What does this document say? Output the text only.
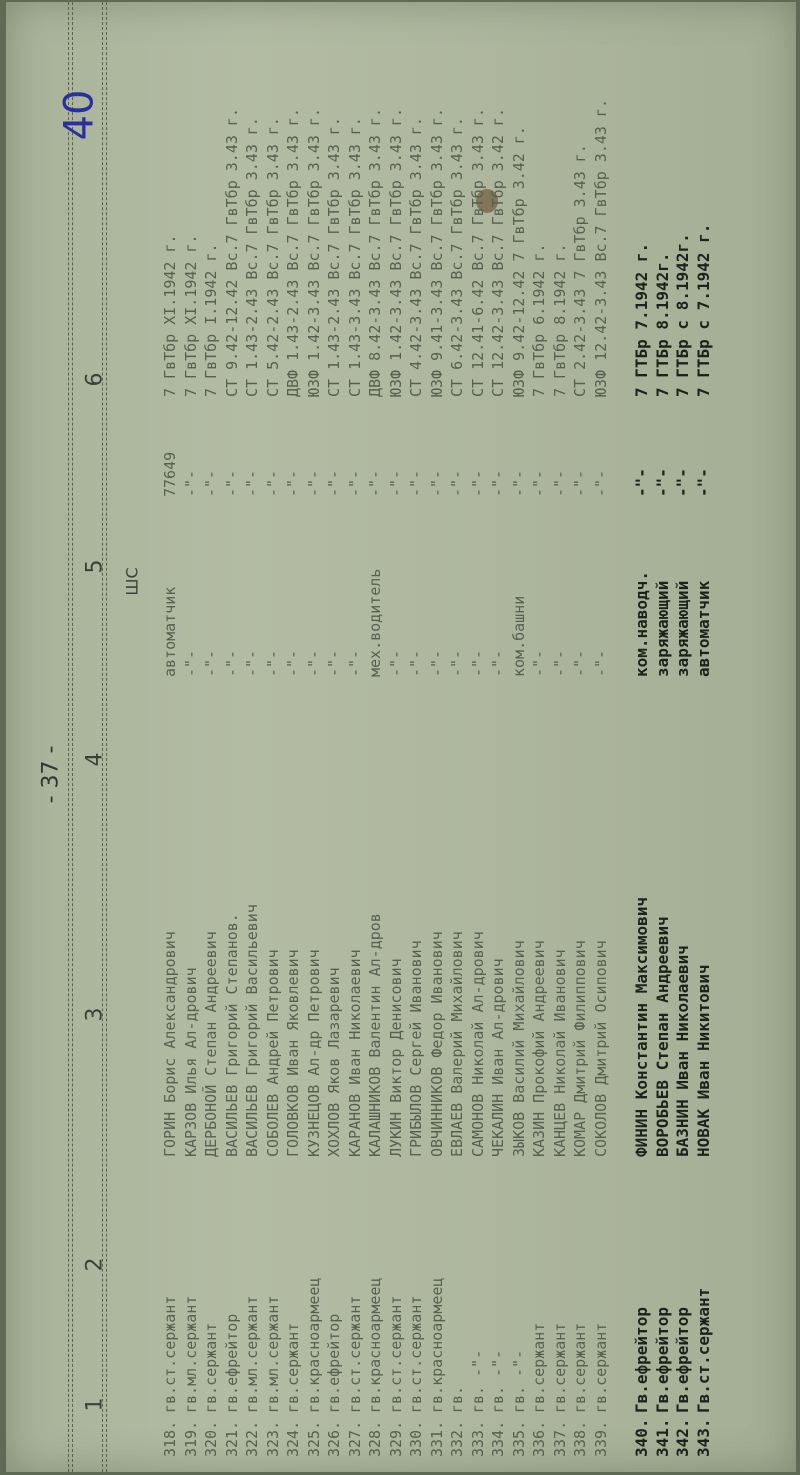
40
- 37 -
2
3
4
5
6
1
ШС
318.
гв.ст.сержант
ГОРИН Борис Александрович
автоматчик
77649
7 ГвТбр XI.1942 г.
319.
гв.мл.сержант
КАРЗОВ Илья Ал-дрович
-"-
-"-
7 ГвТбр XI.1942 г.
320.
гв.сержант
ДЕРБОНОЙ Степан Андреевич
-"-
-"-
7 ГвТбр I.1942 г.
321.
гв.ефрейтор
ВАСИЛЬЕВ Григорий Степанов.
-"-
-"-
СТ 9.42-12.42 Вс.7 ГвТбр 3.43 г.
322.
гв.мл.сержант
ВАСИЛЬЕВ Григорий Васильевич
-"-
-"-
СТ 1.43-2.43 Вс.7 ГвТбр 3.43 г.
323.
гв.мл.сержант
СОБОЛЕВ Андрей Петрович
-"-
-"-
СТ 5.42-2.43 Вс.7 ГвТбр 3.43 г.
324.
гв.сержант
ГОЛОВКОВ Иван Яковлевич
-"-
-"-
ДВФ 1.43-2.43 Вс.7 ГвТбр 3.43 г.
325.
гв.красноармеец
КУЗНЕЦОВ Ал-др Петрович
-"-
-"-
ЮЗФ 1.42-3.43 Вс.7 ГвТбр 3.43 г.
326.
гв.ефрейтор
ХОХЛОВ Яков Лазаревич
-"-
-"-
СТ 1.43-2.43 Вс.7 ГвТбр 3.43 г.
327.
гв.ст.сержант
КАРАНОВ Иван Николаевич
-"-
-"-
СТ 1.43-3.43 Вс.7 ГвТбр 3.43 г.
328.
гв.красноармеец
КАЛАШНИКОВ Валентин Ал-дров
мех.водитель
-"-
ДВФ 8.42-3.43 Вс.7 ГвТбр 3.43 г.
329.
гв.ст.сержант
ЛУКИН Виктор Денисович
-"-
-"-
ЮЗФ 1.42-3.43 Вс.7 ГвТбр 3.43 г.
330.
гв.ст.сержант
ГРИБЫЛОВ Сергей Иванович
-"-
-"-
СТ 4.42-3.43 Вс.7 ГвТбр 3.43 г.
331.
гв.красноармеец
ОВЧИННИКОВ Федор Иванович
-"-
-"-
ЮЗФ 9.41-3.43 Вс.7 ГвТбр 3.43 г.
332.
гв.
ЕВЛАЕВ Валерий Михайлович
-"-
-"-
СТ 6.42-3.43 Вс.7 ГвТбр 3.43 г.
333.
гв. -"-
САМОНОВ Николай Ал-дрович
-"-
-"-
СТ 12.41-6.42 Вс.7 ГвТбр 3.43 г.
334.
гв. -"-
ЧЕКАЛИН Иван Ал-дрович
-"-
-"-
СТ 12.42-3.43 Вс.7 ГвТбр 3.42 г.
335.
гв. -"-
ЗЫКОВ Василий Михайлович
ком.башни
-"-
ЮЗФ 9.42-12.42 7 ГвТбр 3.42 г.
336.
гв.сержант
КАЗИН Прокофий Андреевич
-"-
-"-
7 ГвТбр 6.1942 г.
337.
гв.сержант
КАНЦЕВ Николай Иванович
-"-
-"-
7 ГвТбр 8.1942 г.
338.
гв.сержант
КОМАР Дмитрий Филиппович
-"-
-"-
СТ 2.42-3.43 7 ГвТбр 3.43 г.
339.
гв.сержант
СОКОЛОВ Дмитрий Осипович
-"-
-"-
ЮЗФ 12.42-3.43 Вс.7 ГвТбр 3.43 г.
340.
Гв.ефрейтор
ФИНИН Константин Максимович
ком.наводч.
-"-
7 ГТБр 7.1942 г.
341.
Гв.ефрейтор
ВОРОБЬЕВ Степан Андреевич
заряжающий
-"-
7 ГТБр 8.1942г.
342.
Гв.ефрейтор
БАЗНИН Иван Николаевич
заряжающий
-"-
7 ГТБр с 8.1942г.
343.
Гв.ст.сержант
НОВАК Иван Никитович
автоматчик
-"-
7 ГТБр с 7.1942 г.
